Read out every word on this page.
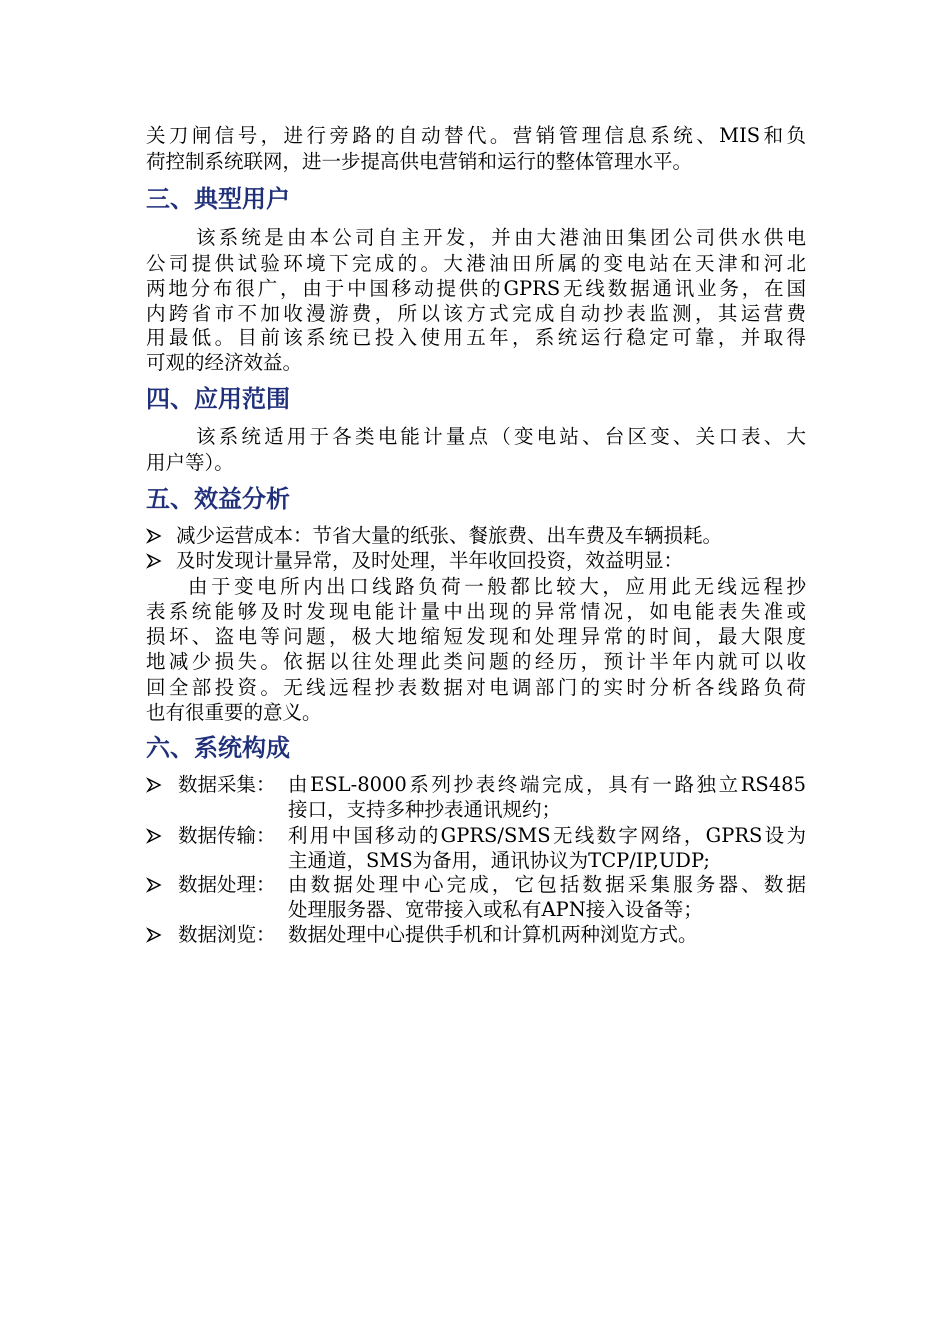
关刀闸信号，进行旁路的自动替代。营销管理信息系统、MIS和负
荷控制系统联网，进一步提高供电营销和运行的整体管理水平。
三、典型用户
该系统是由本公司自主开发，并由大港油田集团公司供水供电
公司提供试验环境下完成的。大港油田所属的变电站在天津和河北
两地分布很广，由于中国移动提供的GPRS无线数据通讯业务，在国
内跨省市不加收漫游费，所以该方式完成自动抄表监测，其运营费
用最低。目前该系统已投入使用五年，系统运行稳定可靠，并取得
可观的经济效益。
四、应用范围
该系统适用于各类电能计量点（变电站、台区变、关口表、大
用户等）。
五、效益分析
减少运营成本：节省大量的纸张、餐旅费、出车费及车辆损耗。
及时发现计量异常，及时处理，半年收回投资，效益明显：
由于变电所内出口线路负荷一般都比较大，应用此无线远程抄
表系统能够及时发现电能计量中出现的异常情况，如电能表失准或
损坏、盗电等问题，极大地缩短发现和处理异常的时间，最大限度
地减少损失。依据以往处理此类问题的经历，预计半年内就可以收
回全部投资。无线远程抄表数据对电调部门的实时分析各线路负荷
也有很重要的意义。
六、系统构成
数据采集： 由ESL-8000系列抄表终端完成，具有一路独立RS485
接口，支持多种抄表通讯规约；
数据传输： 利用中国移动的GPRS/SMS无线数字网络，GPRS设为
主通道，SMS为备用，通讯协议为TCP/IP,UDP;
数据处理： 由数据处理中心完成，它包括数据采集服务器、数据
处理服务器、宽带接入或私有APN接入设备等；
数据浏览： 数据处理中心提供手机和计算机两种浏览方式。
